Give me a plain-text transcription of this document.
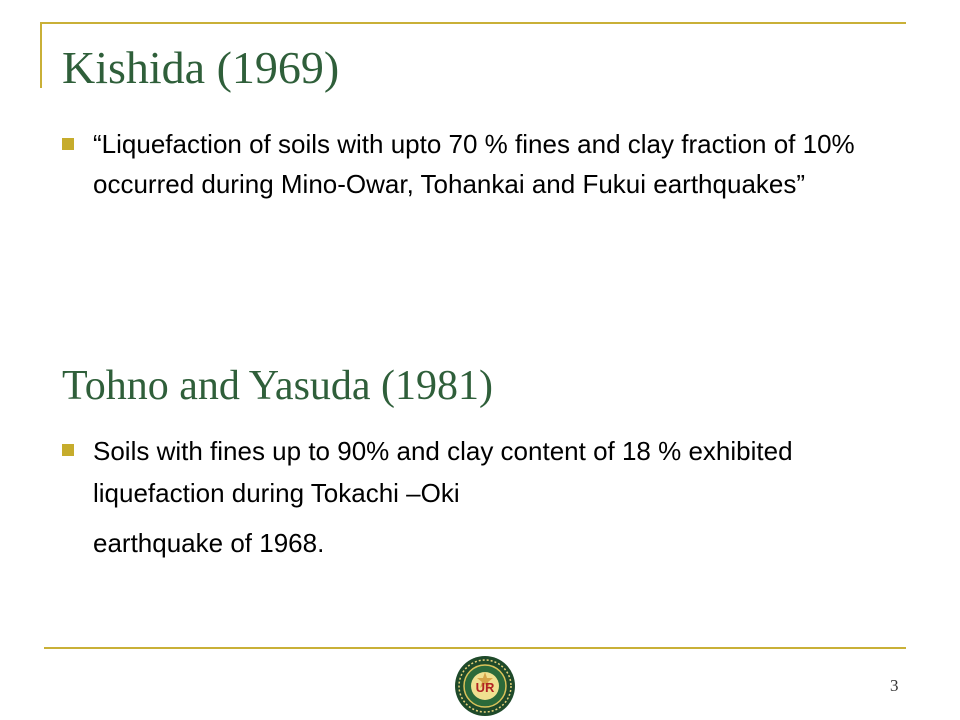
Kishida (1969)
“Liquefaction of soils with upto 70 % fines and clay fraction of 10% occurred during Mino-Owar, Tohankai and Fukui earthquakes”
Tohno and Yasuda (1981)
Soils with fines up to 90% and clay content of 18 % exhibited liquefaction during Tokachi –Oki
earthquake of 1968.
UR	3
